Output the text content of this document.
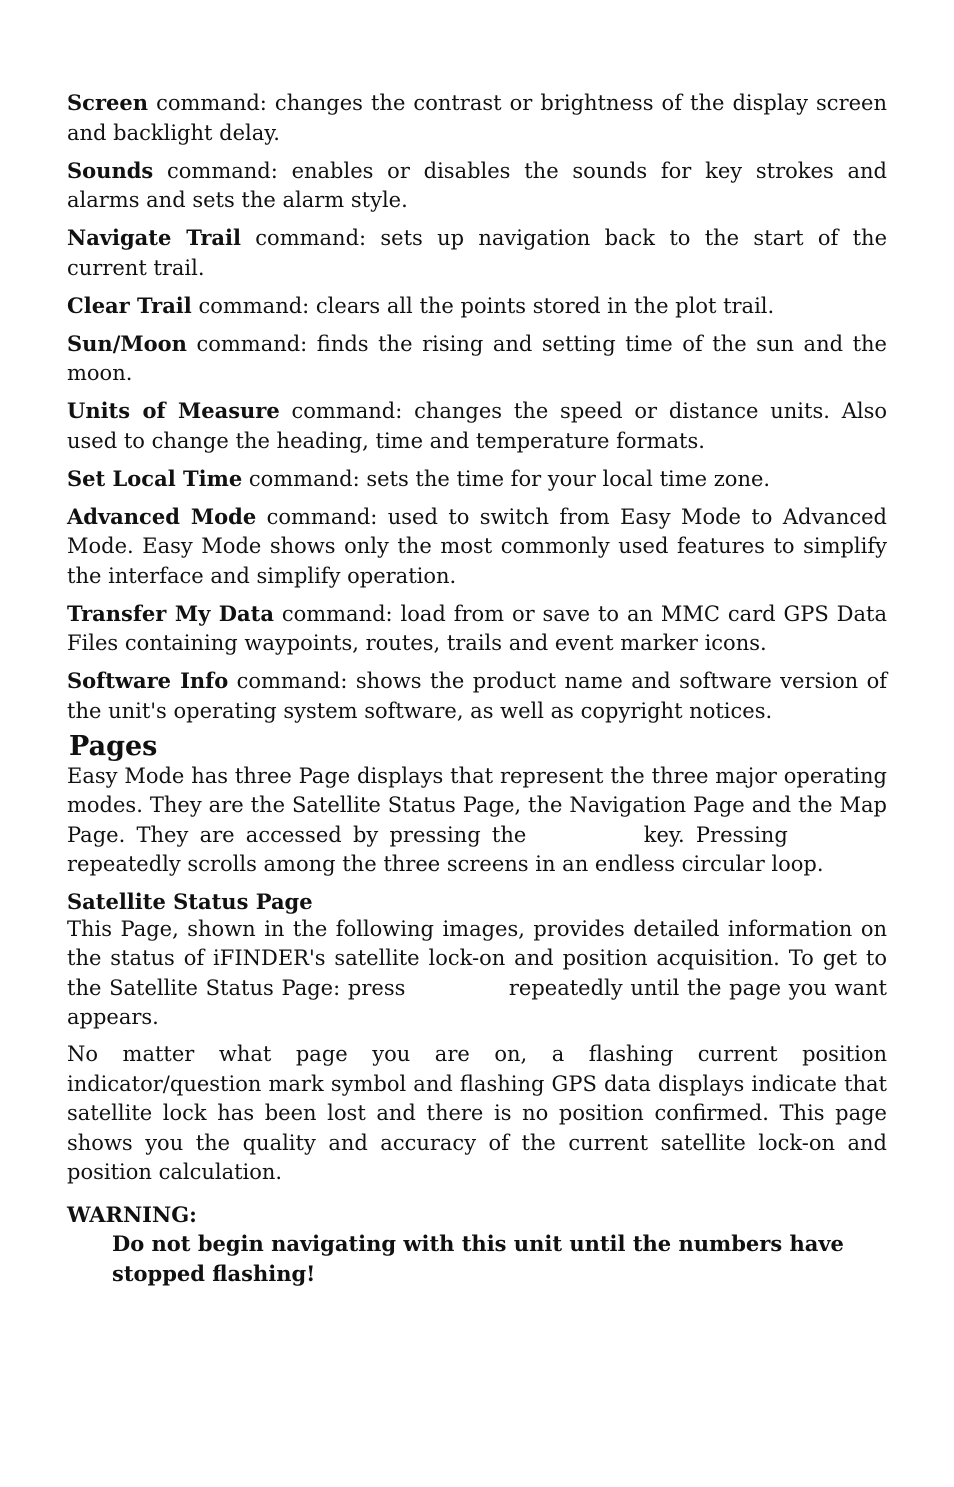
Screen command: changes the contrast or brightness of the display screen and backlight delay.
Sounds command: enables or disables the sounds for key strokes and alarms and sets the alarm style.
Navigate Trail command: sets up navigation back to the start of the current trail.
Clear Trail command: clears all the points stored in the plot trail.
Sun/Moon command: finds the rising and setting time of the sun and the moon.
Units of Measure command: changes the speed or distance units. Also used to change the heading, time and temperature formats.
Set Local Time command: sets the time for your local time zone.
Advanced Mode command: used to switch from Easy Mode to Advanced Mode. Easy Mode shows only the most commonly used features to simplify the interface and simplify operation.
Transfer My Data command: load from or save to an MMC card GPS Data Files containing waypoints, routes, trails and event marker icons.
Software Info command: shows the product name and software version of the unit's operating system software, as well as copyright notices.
Pages
Easy Mode has three Page displays that represent the three major operating modes. They are the Satellite Status Page, the Navigation Page and the Map Page. They are accessed by pressing the	key. Pressing  repeatedly scrolls among the three screens in an endless circular loop.
Satellite Status Page
This Page, shown in the following images, provides detailed information on the status of iFINDER's satellite lock-on and position acquisition. To get to the Satellite Status Page: press	repeatedly until the page you want appears.
No matter what page you are on, a flashing current position indicator/question mark symbol and flashing GPS data displays indicate that satellite lock has been lost and there is no position confirmed. This page shows you the quality and accuracy of the current satellite lock-on and position calculation.
WARNING:
Do not begin navigating with this unit until the numbers have stopped flashing!
